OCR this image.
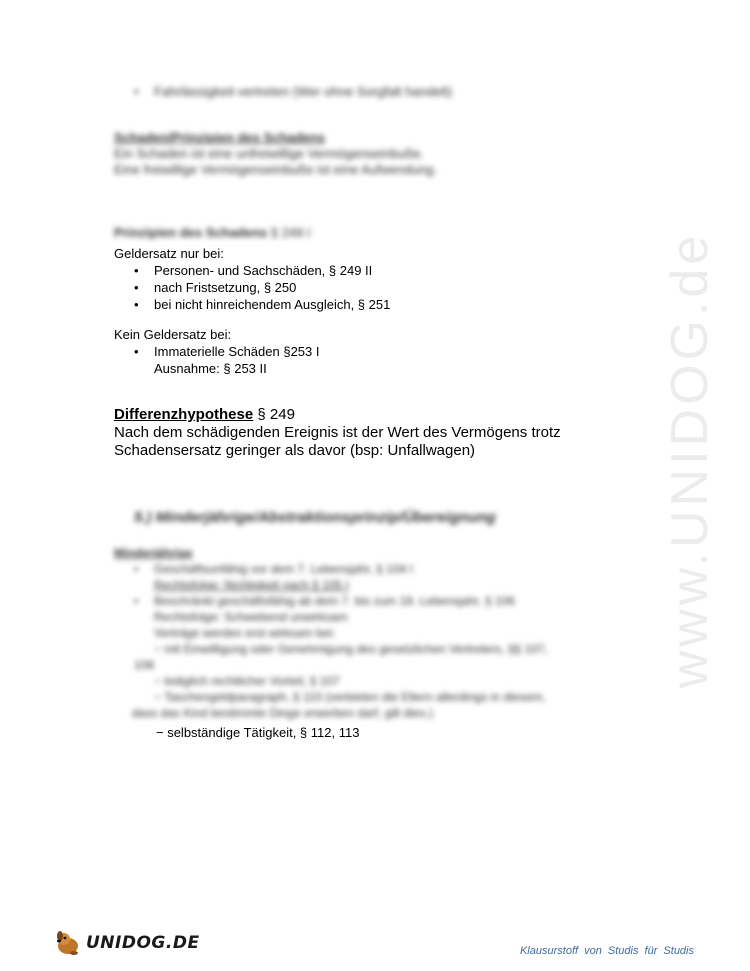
www.UNIDOG.de
• Fahrlässigkeit vertreten (Wer ohne Sorgfalt handelt)
Schaden/Prinzipien des Schadens
Ein Schaden ist eine unfreiwillige Vermögenseinbuße.
Eine freiwillige Vermögenseinbuße ist eine Aufwendung.
Prinzipien des Schadens § 249 I
Geldersatz nur bei:
• Personen- und Sachschäden, § 249 II
• nach Fristsetzung, § 250
• bei nicht hinreichendem Ausgleich, § 251
Kein Geldersatz bei:
• Immaterielle Schäden §253 I
Ausnahme: § 253 II
Differenzhypothese § 249
Nach dem schädigenden Ereignis ist der Wert des Vermögens trotz
Schadensersatz geringer als davor (bsp: Unfallwagen)
5.) Minderjährige/Abstraktionsprinzip/Übereignung
Minderjährige
• Geschäftsunfähig vor dem 7. Lebensjahr, § 104 I
Rechtsfolge: Nichtigkeit nach § 105 I
• Beschränkt geschäftsfähig ab dem 7. bis zum 18. Lebensjahr, § 106
Rechtsfolge: Schwebend unwirksam
Verträge werden erst wirksam bei:
− mit Einwilligung oder Genehmigung des gesetzlichen Vertreters, §§ 107,
108
− lediglich rechtlicher Vorteil, § 107
− Taschengeldparagraph, § 110 (verbieten die Eltern allerdings in diesem,
dass das Kind bestimmte Dinge erwerben darf, gilt dies.)
− selbständige Tätigkeit, § 112, 113
UNIDOG.DE	Klausurstoff von Studis für Studis
